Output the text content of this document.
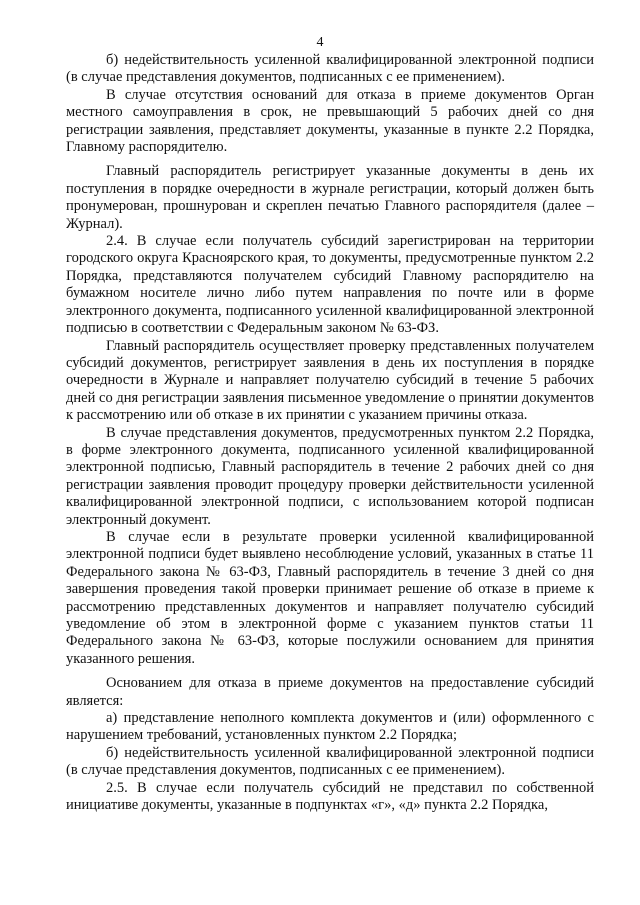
4

б) недействительность усиленной квалифицированной электронной подписи (в случае представления документов, подписанных с ее применением).

В случае отсутствия оснований для отказа в приеме документов Орган местного самоуправления в срок, не превышающий 5 рабочих дней со дня регистрации заявления, представляет документы, указанные в пункте 2.2 Порядка, Главному распорядителю.

Главный распорядитель регистрирует указанные документы в день их поступления в порядке очередности в журнале регистрации, который должен быть пронумерован, прошнурован и скреплен печатью Главного распорядителя (далее – Журнал).

2.4. В случае если получатель субсидий зарегистрирован на территории городского округа Красноярского края, то документы, предусмотренные пунктом 2.2 Порядка, представляются получателем субсидий Главному распорядителю на бумажном носителе лично либо путем направления по почте или в форме электронного документа, подписанного усиленной квалифицированной электронной подписью в соответствии с Федеральным законом № 63-ФЗ.

Главный распорядитель осуществляет проверку представленных получателем субсидий документов, регистрирует заявления в день их поступления в порядке очередности в Журнале и направляет получателю субсидий в течение 5 рабочих дней со дня регистрации заявления письменное уведомление о принятии документов к рассмотрению или об отказе в их принятии с указанием причины отказа.

В случае представления документов, предусмотренных пунктом 2.2 Порядка, в форме электронного документа, подписанного усиленной квалифицированной электронной подписью, Главный распорядитель в течение 2 рабочих дней со дня регистрации заявления проводит процедуру проверки действительности усиленной квалифицированной электронной подписи, с использованием которой подписан электронный документ.

В случае если в результате проверки усиленной квалифицированной электронной подписи будет выявлено несоблюдение условий, указанных в статье 11 Федерального закона № 63-ФЗ, Главный распорядитель в течение 3 дней со дня завершения проведения такой проверки принимает решение об отказе в приеме к рассмотрению представленных документов и направляет получателю субсидий уведомление об этом в электронной форме с указанием пунктов статьи 11 Федерального закона № 63-ФЗ, которые послужили основанием для принятия указанного решения.

Основанием для отказа в приеме документов на предоставление субсидий является:

а) представление неполного комплекта документов и (или) оформленного с нарушением требований, установленных пунктом 2.2 Порядка;

б) недействительность усиленной квалифицированной электронной подписи (в случае представления документов, подписанных с ее применением).

2.5. В случае если получатель субсидий не представил по собственной инициативе документы, указанные в подпунктах «г», «д» пункта 2.2 Порядка,
